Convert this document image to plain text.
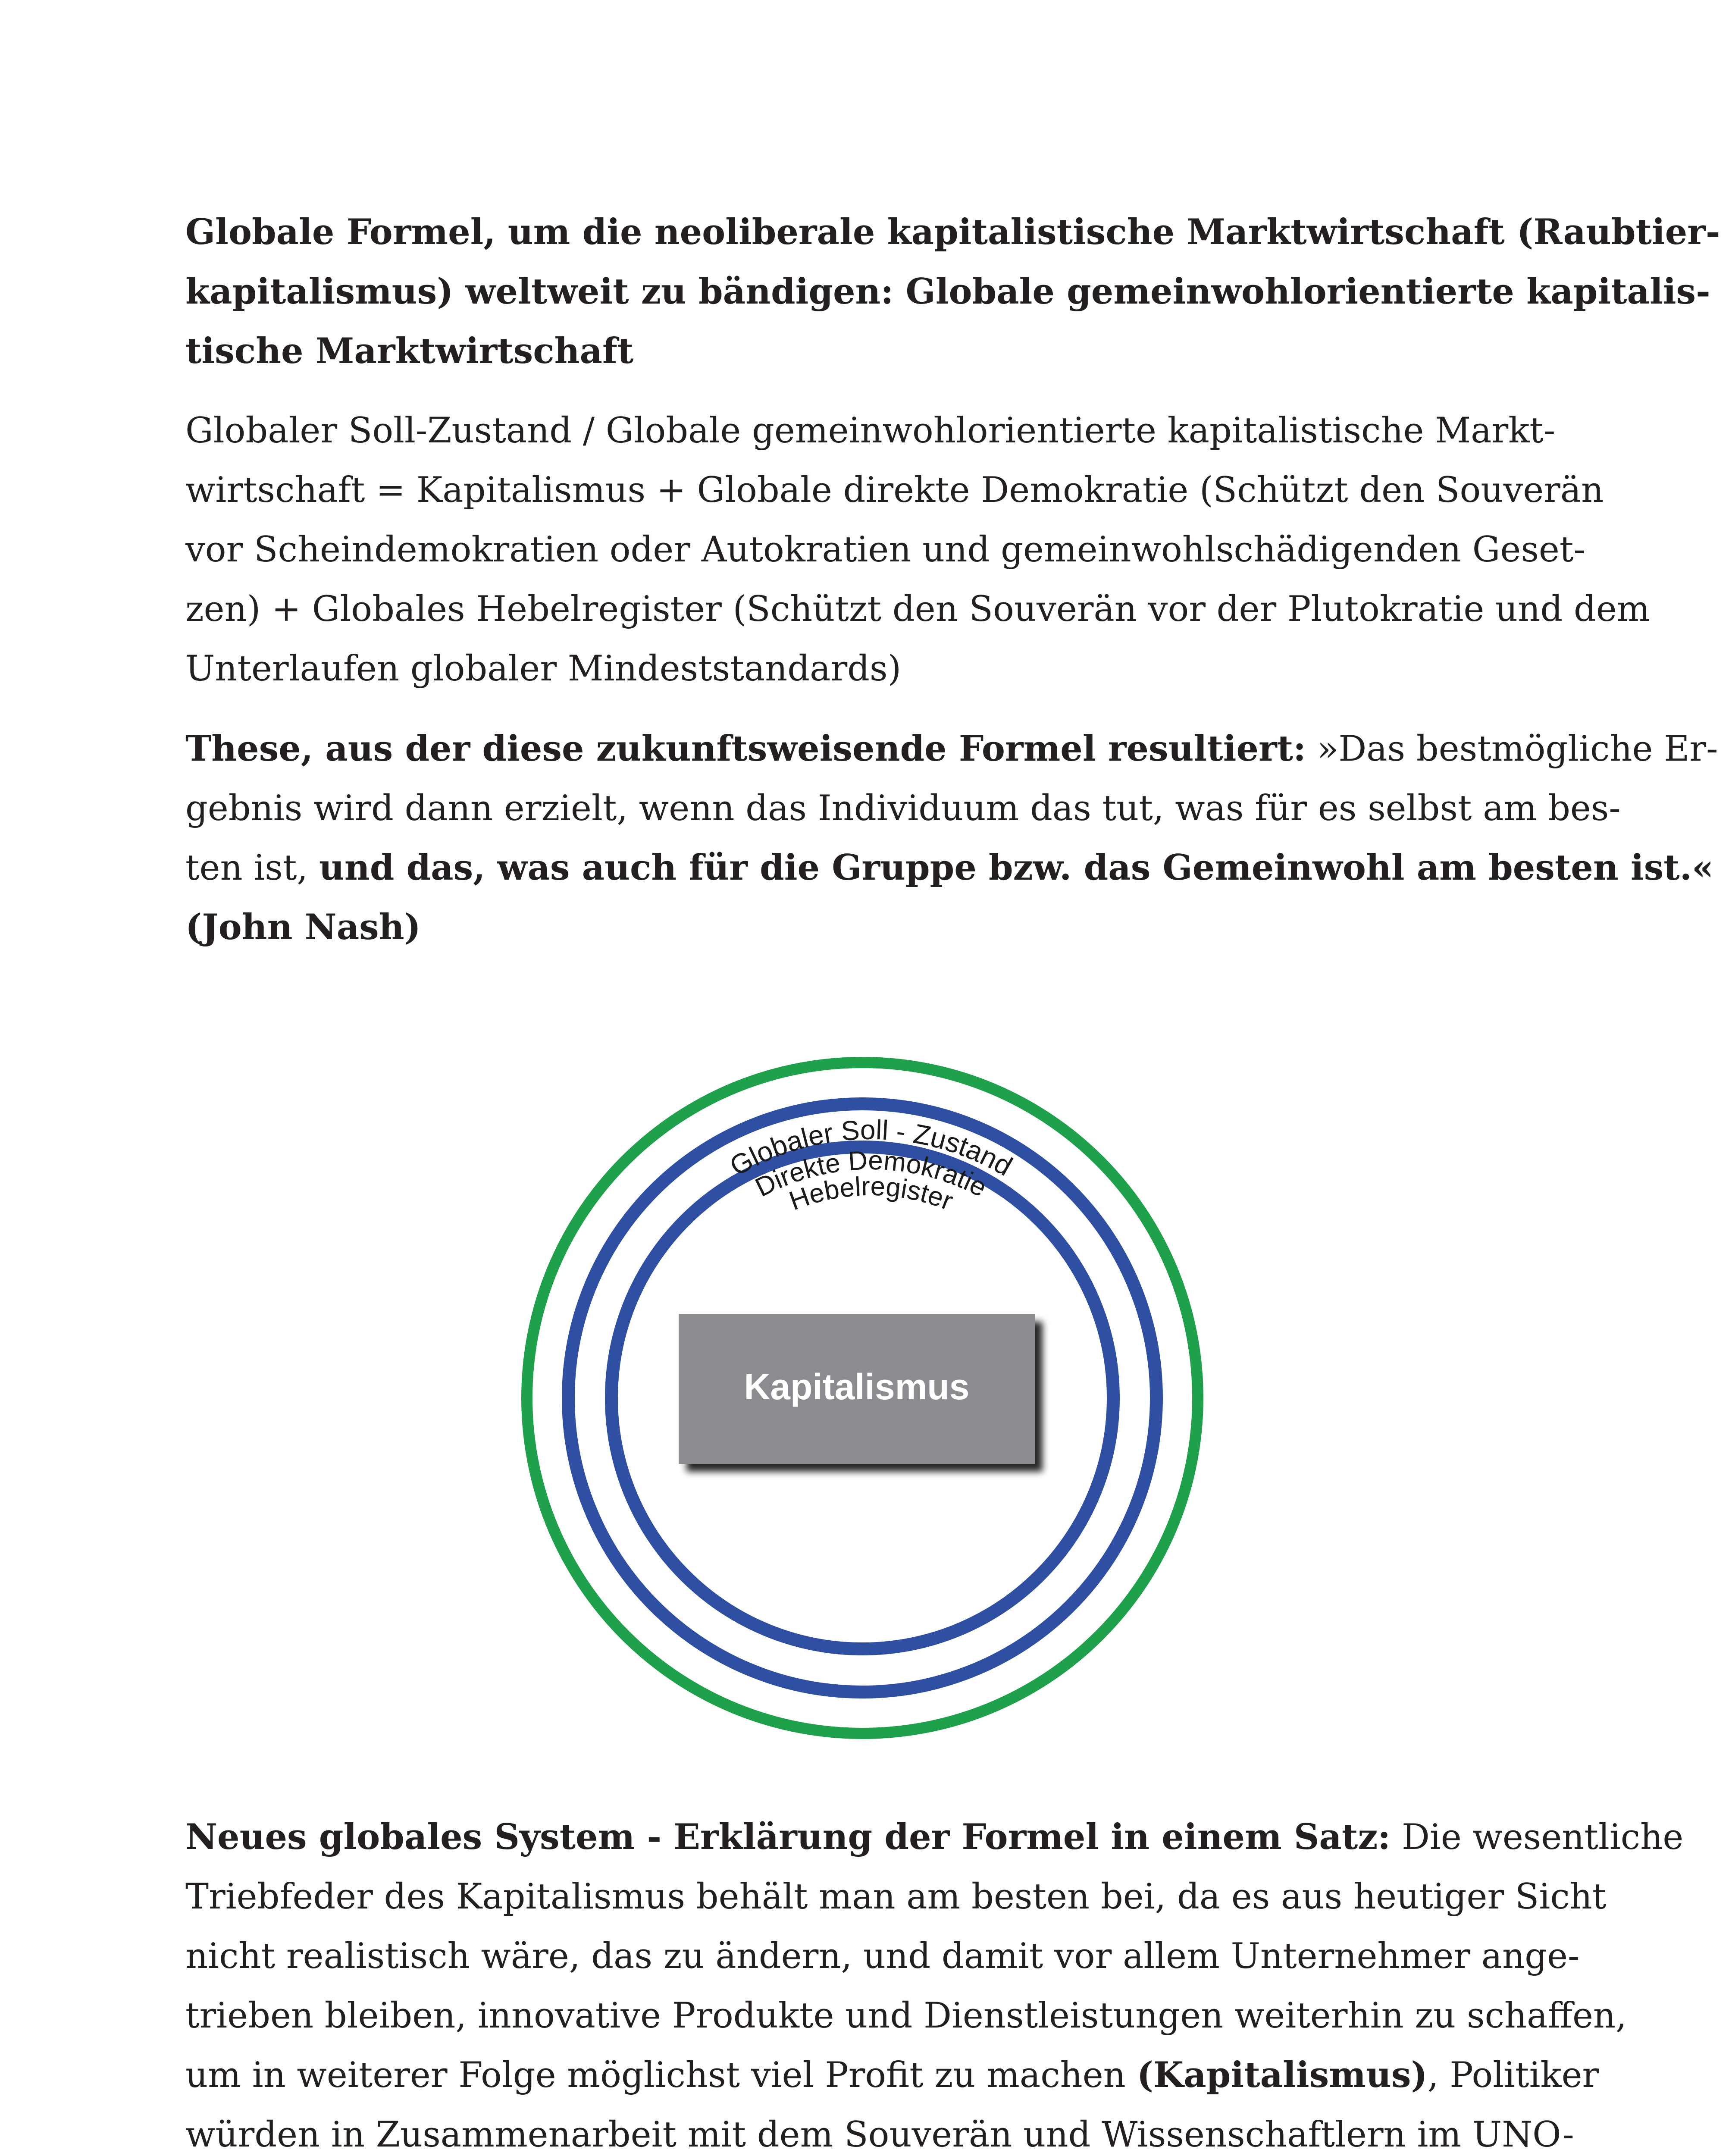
Globale Formel, um die neoliberale kapitalistische Marktwirtschaft (Raubtier-
kapitalismus) weltweit zu bändigen: Globale gemeinwohlorientierte kapitalis-
tische Marktwirtschaft
Globaler Soll-Zustand / Globale gemeinwohlorientierte kapitalistische Markt-
wirtschaft = Kapitalismus + Globale direkte Demokratie (Schützt den Souverän
vor Scheindemokratien oder Autokratien und gemeinwohlschädigenden Geset-
zen) + Globales Hebelregister (Schützt den Souverän vor der Plutokratie und dem
Unterlaufen globaler Mindeststandards)
These, aus der diese zukunftsweisende Formel resultiert: »Das bestmögliche Er-
gebnis wird dann erzielt, wenn das Individuum das tut, was für es selbst am bes-
ten ist, und das, was auch für die Gruppe bzw. das Gemeinwohl am besten ist.«
(John Nash)
Globaler Soll - Zustand
Direkte Demokratie
Hebelregister
Kapitalismus
Neues globales System - Erklärung der Formel in einem Satz: Die wesentliche
Triebfeder des Kapitalismus behält man am besten bei, da es aus heutiger Sicht
nicht realistisch wäre, das zu ändern, und damit vor allem Unternehmer ange-
trieben bleiben, innovative Produkte und Dienstleistungen weiterhin zu schaffen,
um in weiterer Folge möglichst viel Profit zu machen (Kapitalismus), Politiker
würden in Zusammenarbeit mit dem Souverän und Wissenschaftlern im UNO-
